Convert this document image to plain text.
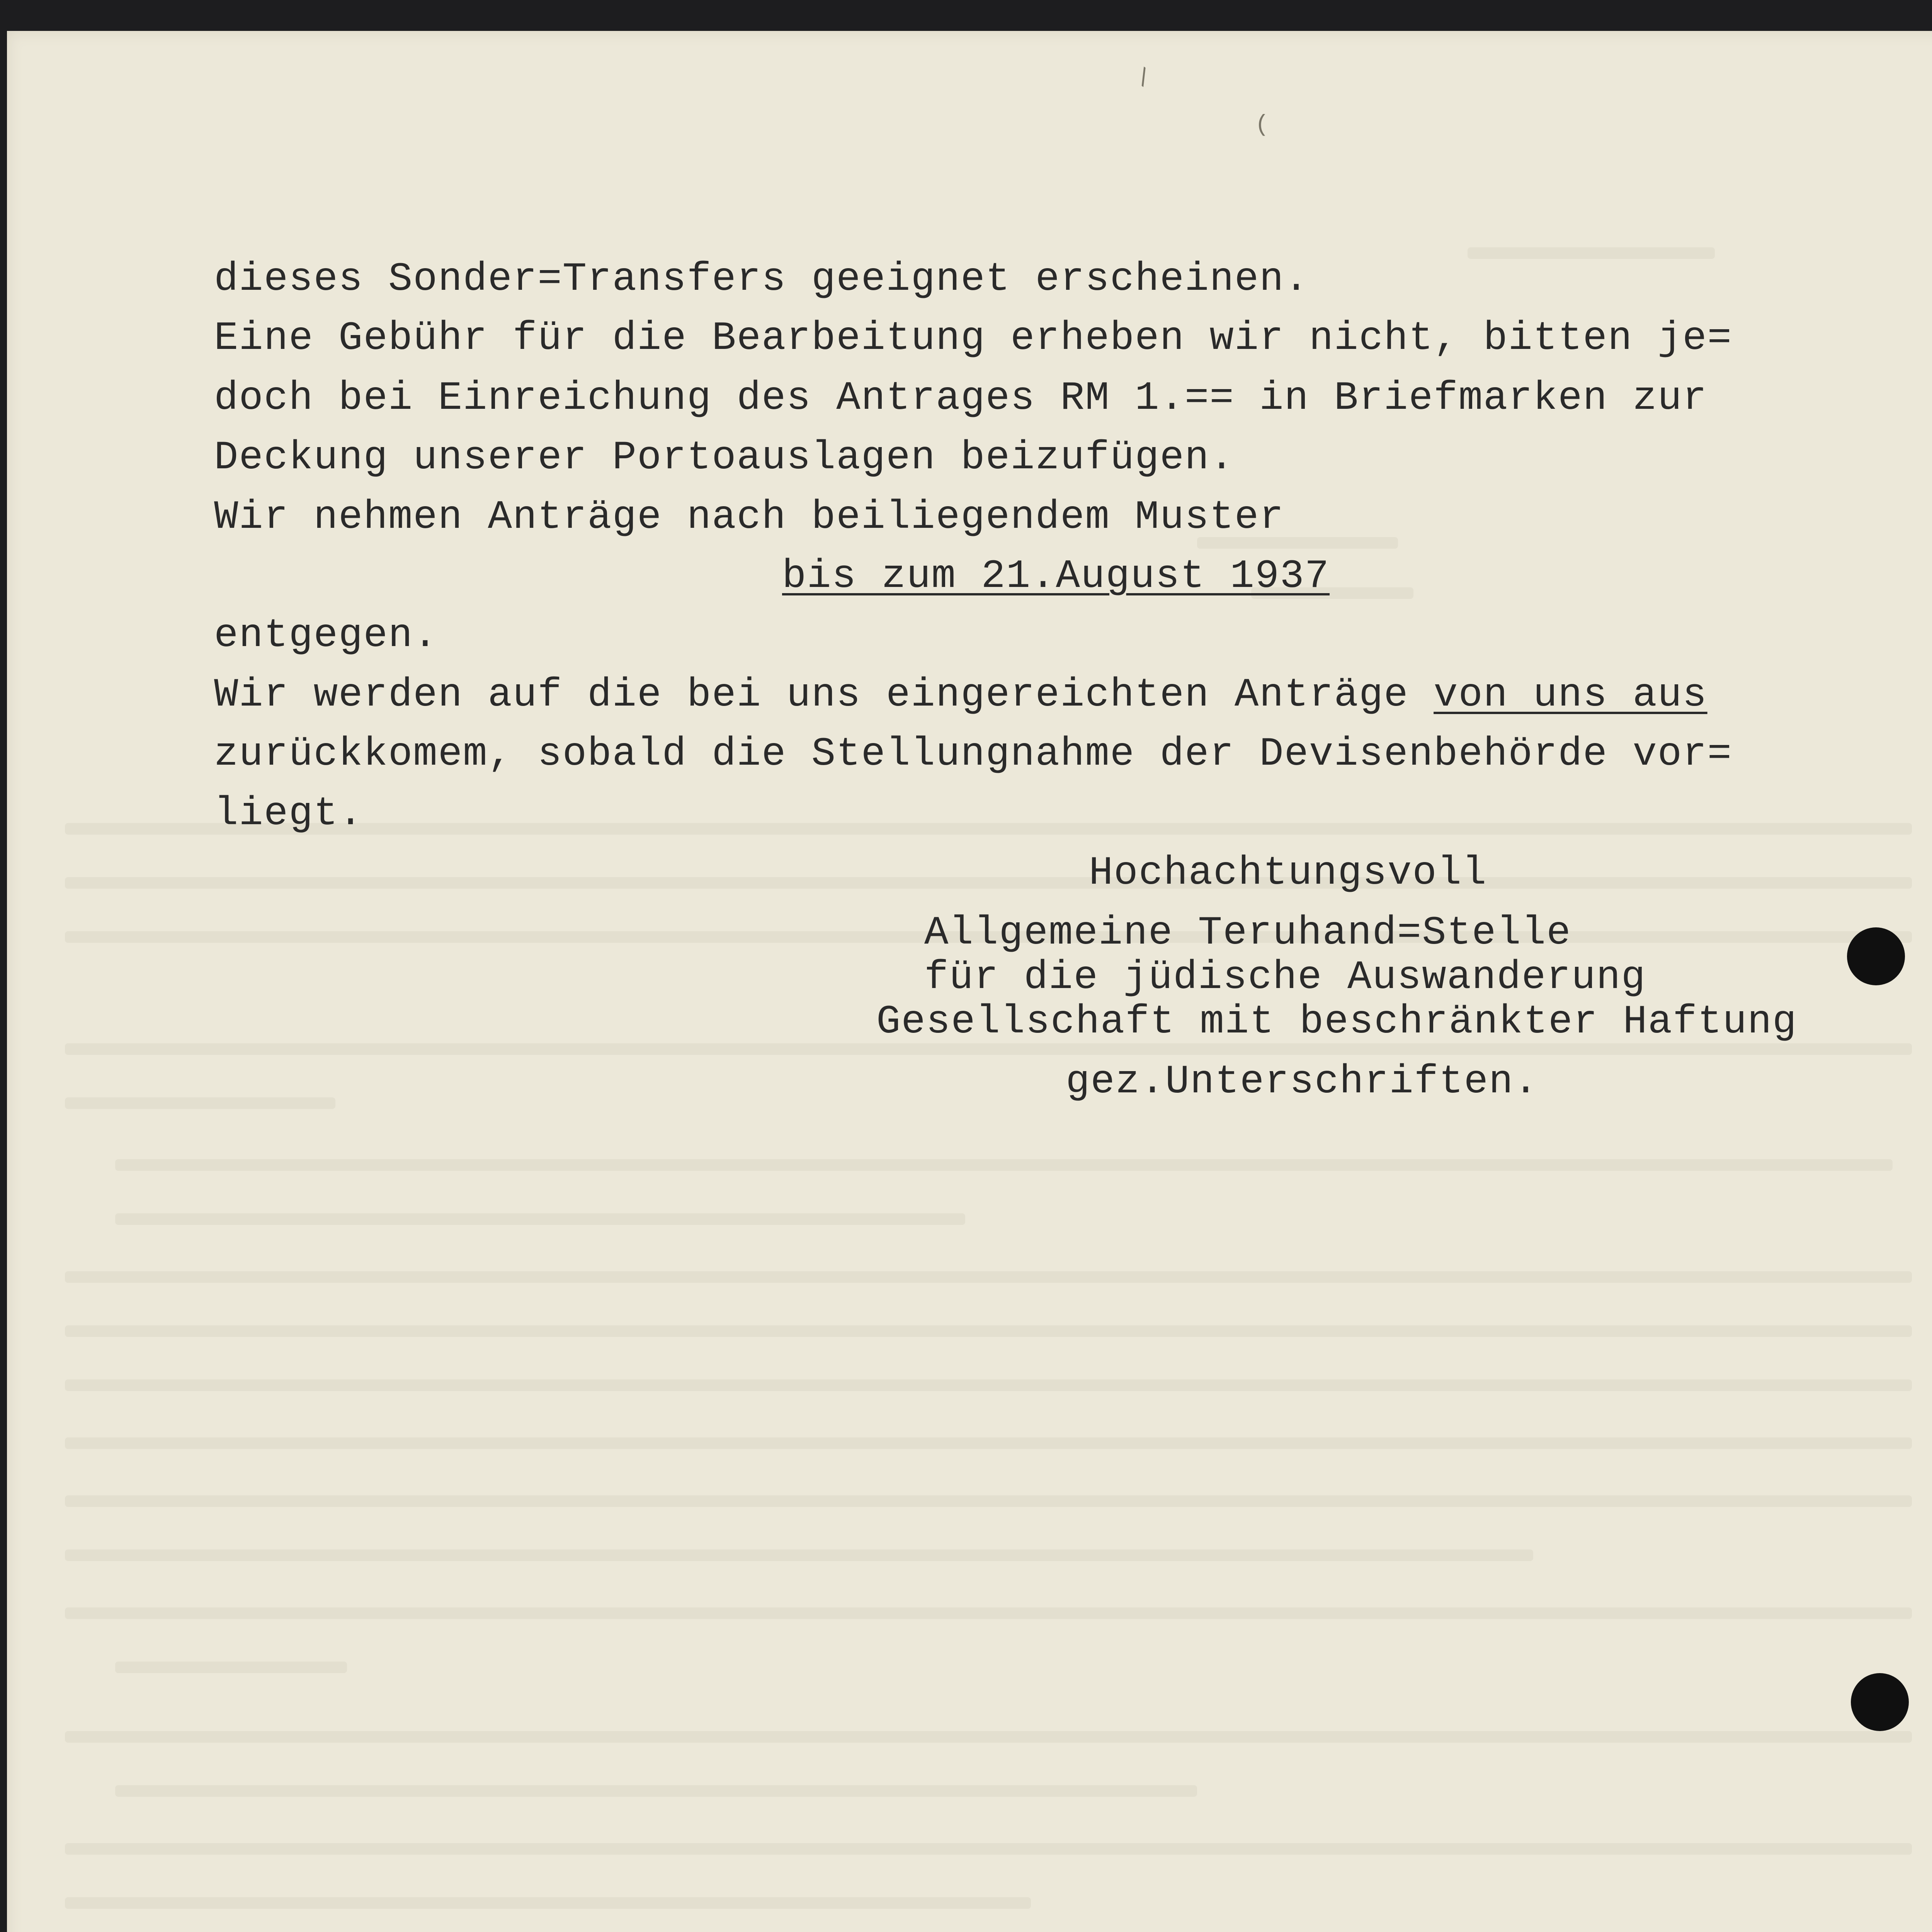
dieses Sonder=Transfers geeignet erscheinen.
Eine Gebühr für die Bearbeitung erheben wir nicht, bitten je=
doch bei Einreichung des Antrages RM 1.== in Briefmarken zur
Deckung unserer Portoauslagen beizufügen.
Wir nehmen Anträge nach beiliegendem Muster
bis zum 21.August 1937
entgegen.
Wir werden auf die bei uns eingereichten Anträge von uns aus
zurückkomem, sobald die Stellungnahme der Devisenbehörde vor=
liegt.
Hochachtungsvoll
Allgemeine Teruhand=Stelle
für die jüdische Auswanderung
Gesellschaft mit beschränkter Haftung
gez.Unterschriften.
\
(
